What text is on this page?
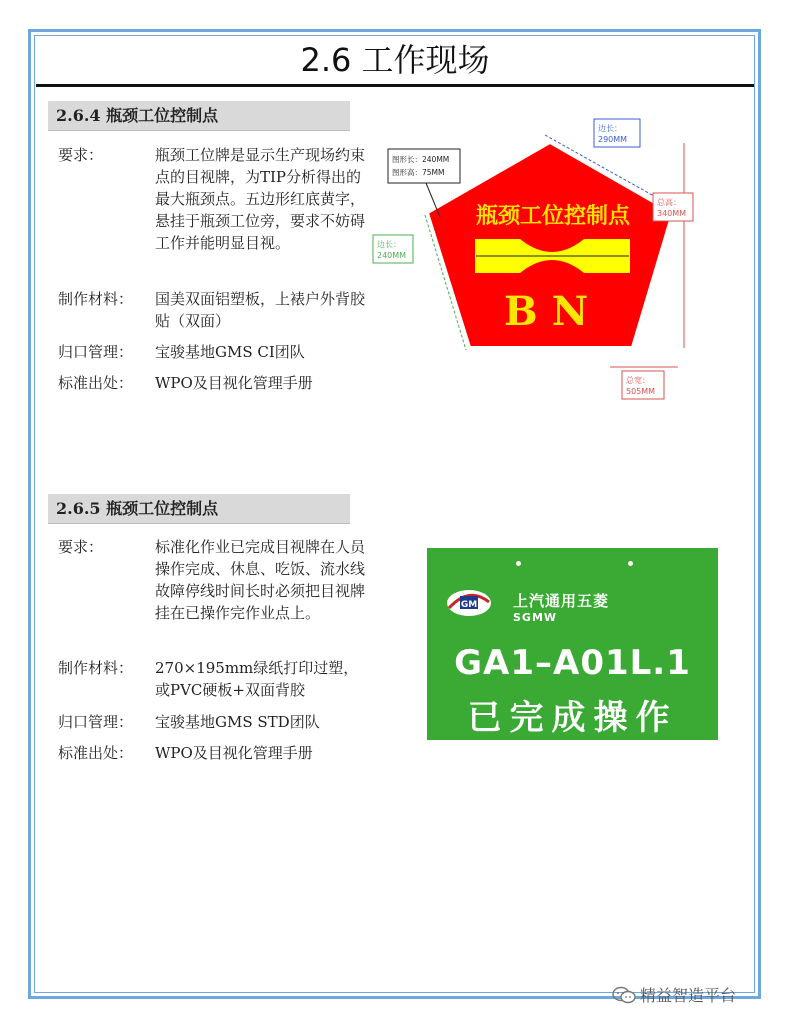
2.6 工作现场
2.6.4 瓶颈工位控制点
要求：	瓶颈工位牌是显示生产现场约束点的目视牌，为TIP分析得出的最大瓶颈点。五边形红底黄字，悬挂于瓶颈工位旁，要求不妨碍工作并能明显目视。
制作材料： 国美双面铝塑板，上裱户外背胶贴（双面）
归口管理： 宝骏基地GMS CI团队
标准出处： WPO及目视化管理手册
瓶颈工位控制点
BN
边长：
290MM
图形长：240MM
图形高：75MM
边长：
240MM
总高：
340MM
总宽：
505MM
2.6.5 瓶颈工位控制点
要求：	标准化作业已完成目视牌在人员操作完成、休息、吃饭、流水线故障停线时间长时必须把目视牌挂在已操作完作业点上。
制作材料： 270×195mm绿纸打印过塑，或PVC硬板+双面背胶
归口管理： 宝骏基地GMS STD团队
标准出处： WPO及目视化管理手册
GM 上汽通用五菱
SGMW
GA1–A01L.1
已完成操作
精益智造平台
